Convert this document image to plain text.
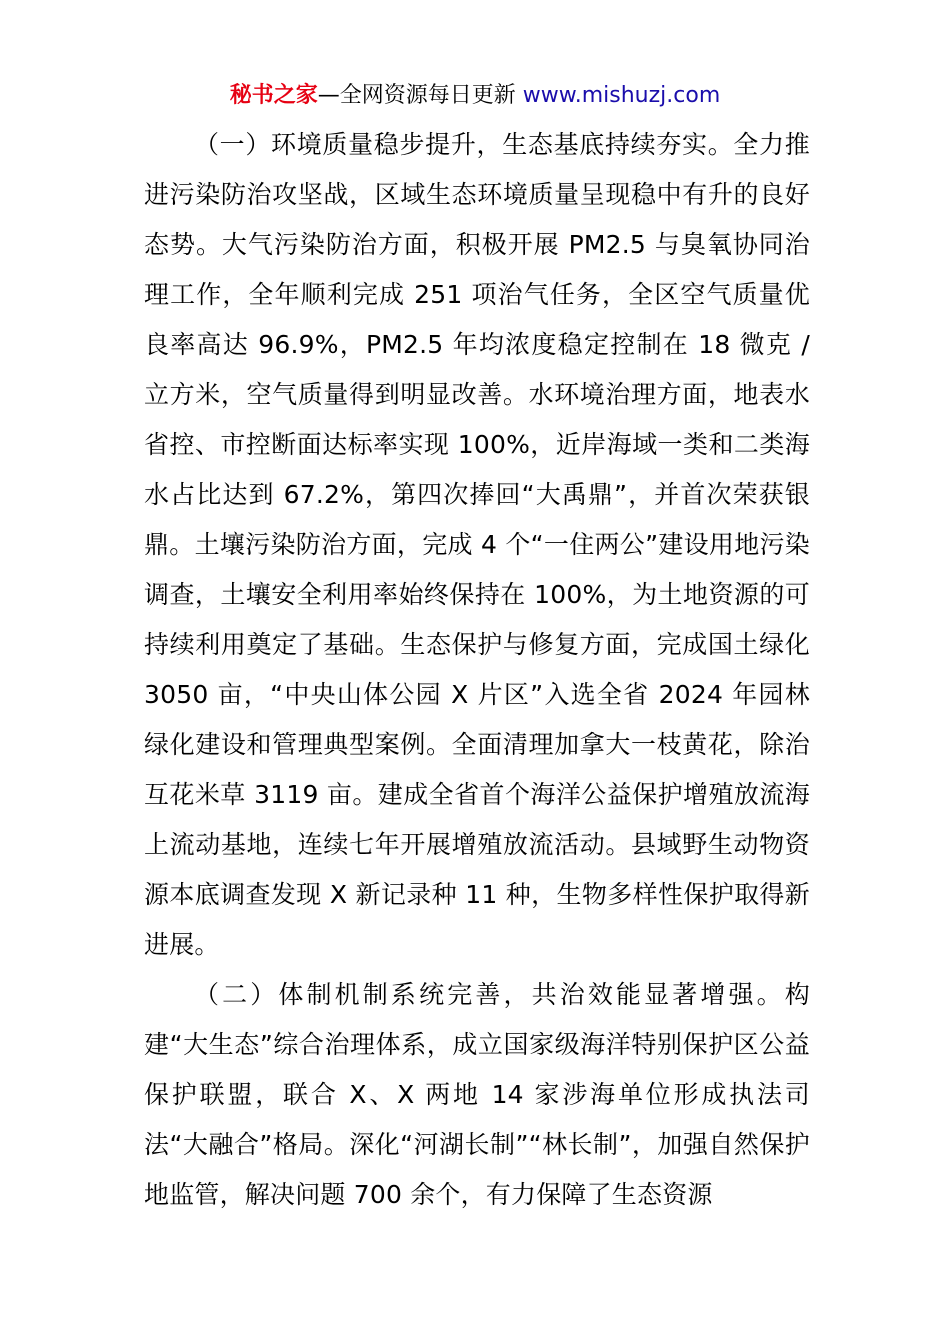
秘书之家—全网资源每日更新 www.mishuzj.com

（一）环境质量稳步提升，生态基底持续夯实。全力推进污染防治攻坚战，区域生态环境质量呈现稳中有升的良好态势。大气污染防治方面，积极开展 PM2.5 与臭氧协同治理工作，全年顺利完成 251 项治气任务，全区空气质量优良率高达 96.9%，PM2.5 年均浓度稳定控制在 18 微克 / 立方米，空气质量得到明显改善。水环境治理方面，地表水省控、市控断面达标率实现 100%，近岸海域一类和二类海水占比达到 67.2%，第四次捧回“大禹鼎”，并首次荣获银鼎。土壤污染防治方面，完成 4 个“一住两公”建设用地污染调查，土壤安全利用率始终保持在 100%，为土地资源的可持续利用奠定了基础。生态保护与修复方面，完成国土绿化 3050 亩，“中央山体公园 X 片区”入选全省 2024 年园林绿化建设和管理典型案例。全面清理加拿大一枝黄花，除治互花米草 3119 亩。建成全省首个海洋公益保护增殖放流海上流动基地，连续七年开展增殖放流活动。县域野生动物资源本底调查发现 X 新记录种 11 种，生物多样性保护取得新进展。

（二）体制机制系统完善，共治效能显著增强。构建“大生态”综合治理体系，成立国家级海洋特别保护区公益保护联盟，联合 X、X 两地 14 家涉海单位形成执法司法“大融合”格局。深化“河湖长制”“林长制”，加强自然保护地监管，解决问题 700 余个，有力保障了生态资源
